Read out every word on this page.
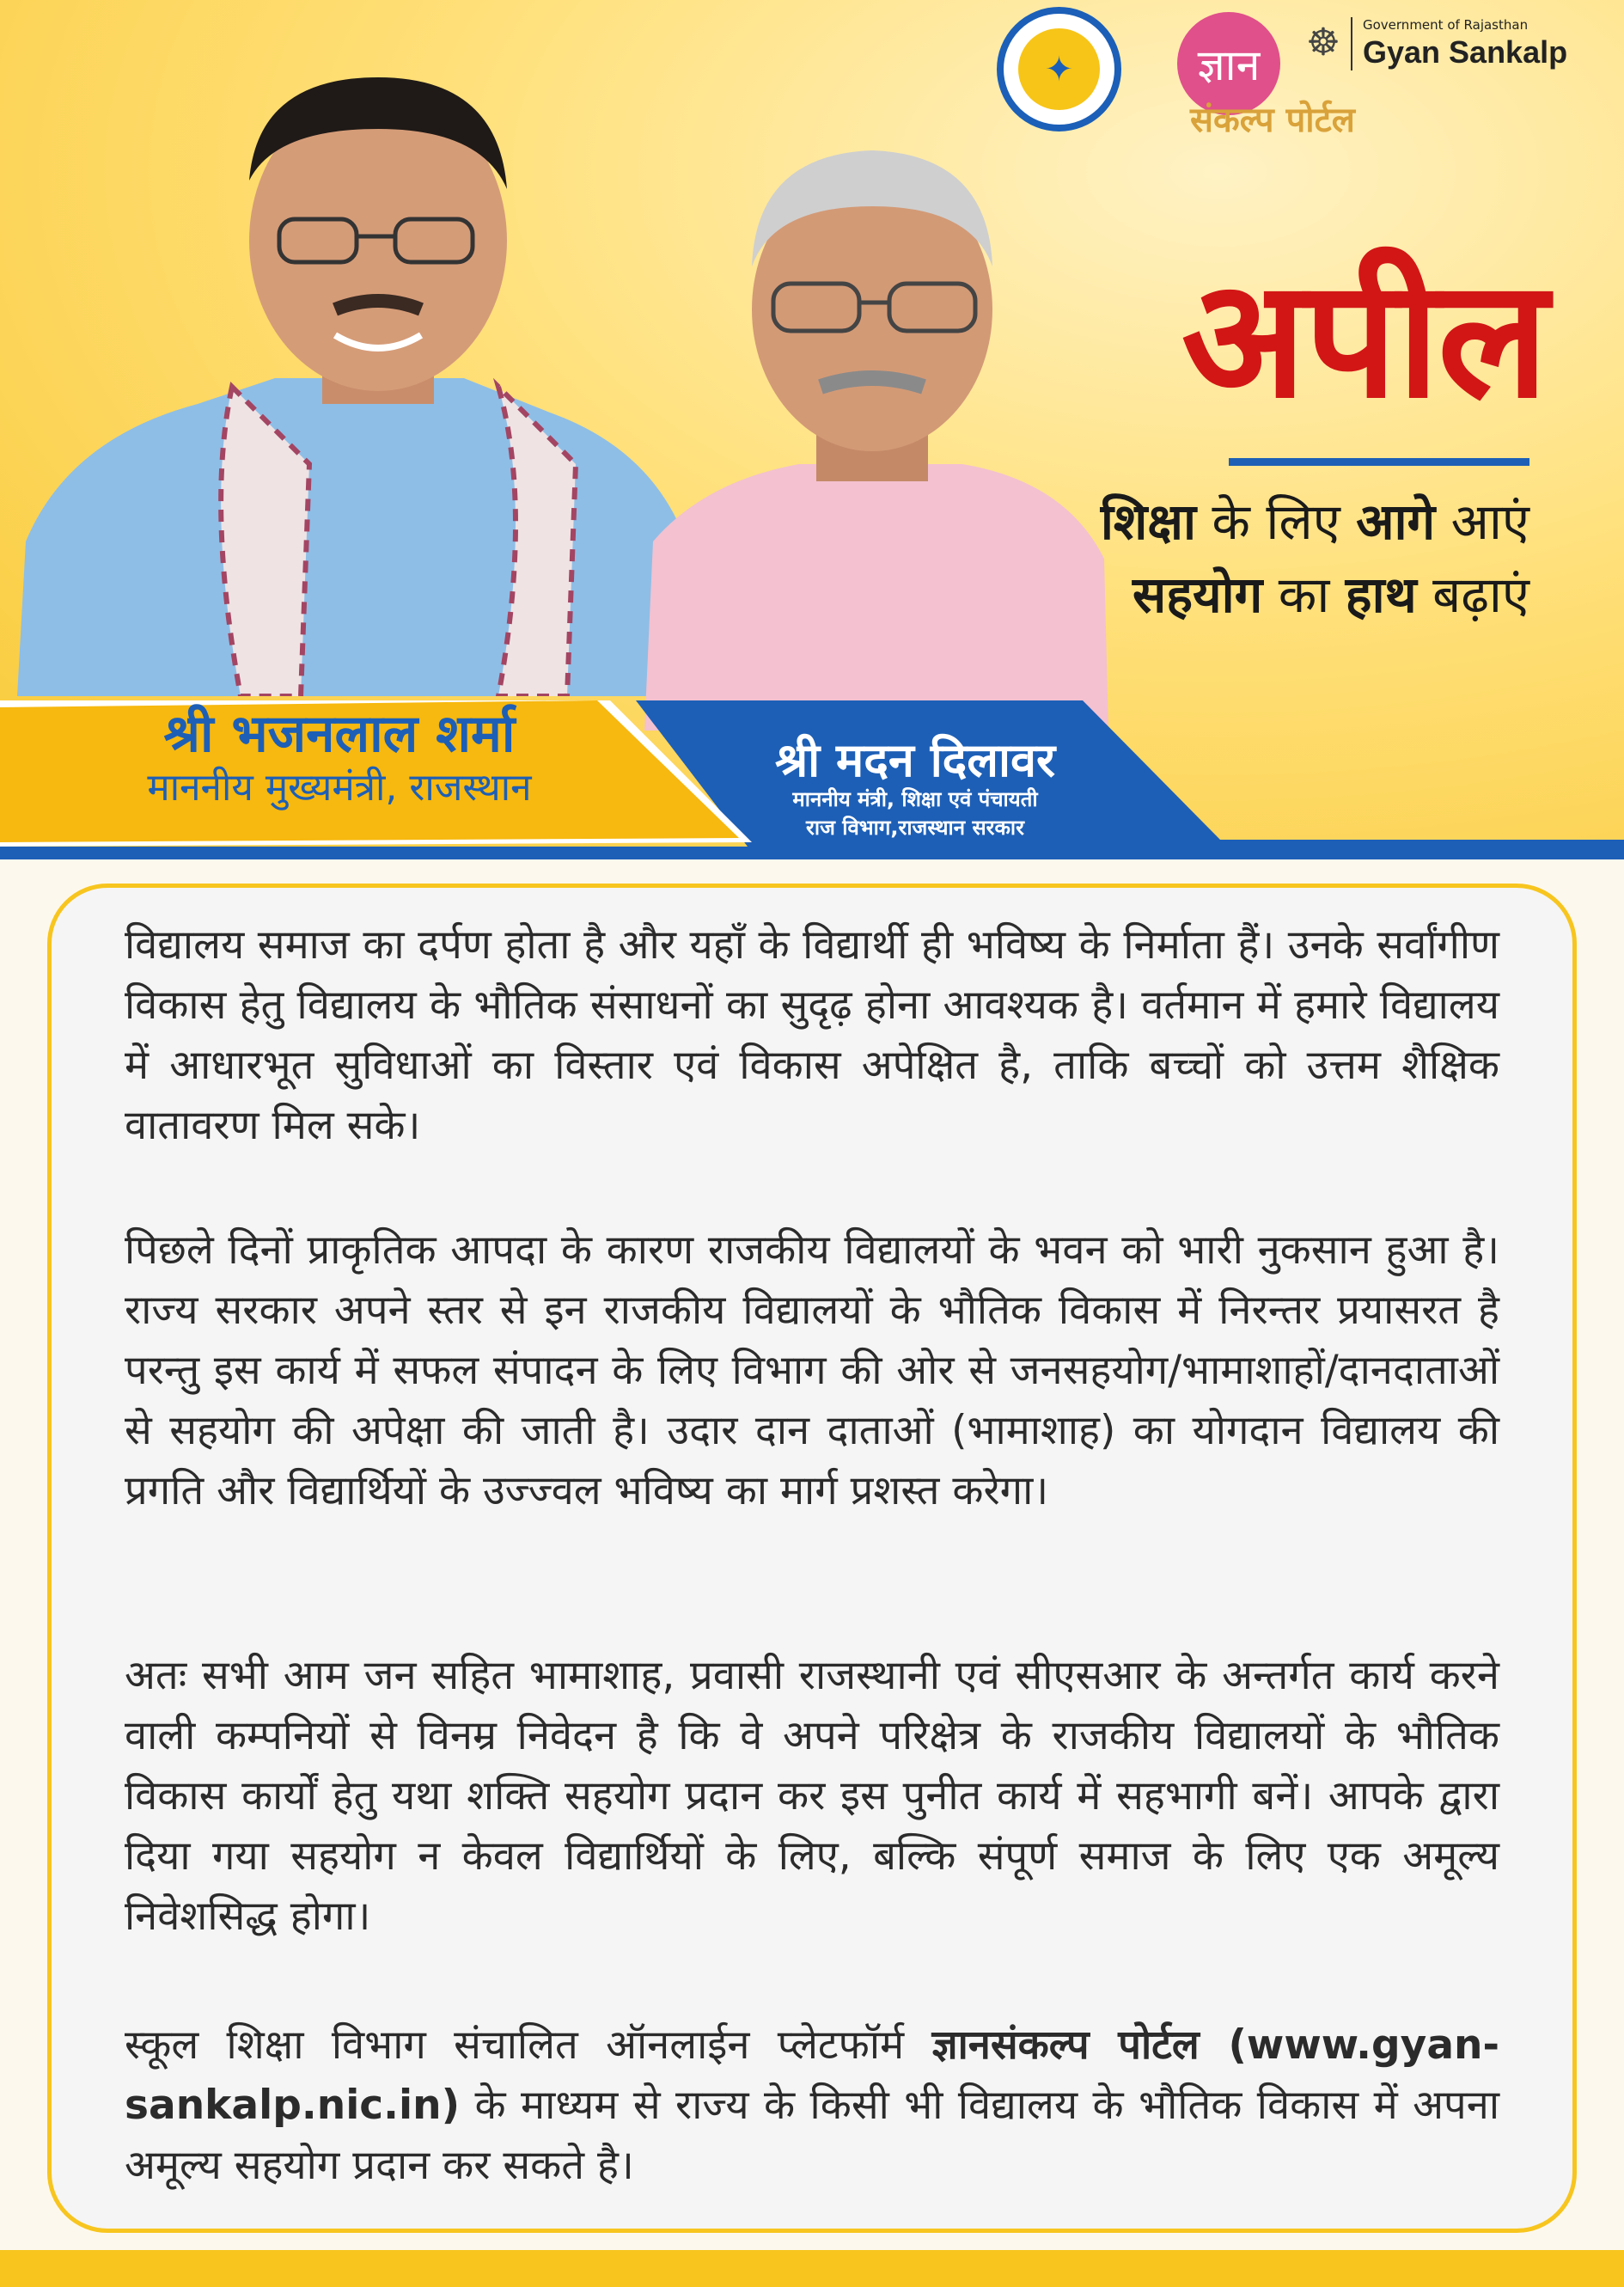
✦	ज्ञान
संकल्प पोर्टल
☸ Government of Rajasthan
Gyan Sankalp
अपील
शिक्षा के लिए आगे आएं
सहयोग का हाथ बढ़ाएं
श्री भजनलाल शर्मा
माननीय मुख्यमंत्री, राजस्थान
श्री मदन दिलावर
माननीय मंत्री, शिक्षा एवं पंचायती
राज विभाग,राजस्थान सरकार

विद्यालय समाज का दर्पण होता है और यहाँ के विद्यार्थी ही भविष्य के निर्माता हैं। उनके सर्वांगीण विकास हेतु विद्यालय के भौतिक संसाधनों का सुदृढ़ होना आवश्यक है। वर्तमान में हमारे विद्यालय में आधारभूत सुविधाओं का विस्तार एवं विकास अपेक्षित है, ताकि बच्चों को उत्तम शैक्षिक वातावरण मिल सके।

पिछले दिनों प्राकृतिक आपदा के कारण राजकीय विद्यालयों के भवन को भारी नुकसान हुआ है। राज्य सरकार अपने स्तर से इन राजकीय विद्यालयों के भौतिक विकास में निरन्तर प्रयासरत है परन्तु इस कार्य में सफल संपादन के लिए विभाग की ओर से जनसहयोग/भामाशाहों/दानदाताओं से सहयोग की अपेक्षा की जाती है। उदार दान दाताओं (भामाशाह) का योगदान विद्यालय की प्रगति और विद्यार्थियों के उज्ज्वल भविष्य का मार्ग प्रशस्त करेगा।

अतः सभी आम जन सहित भामाशाह, प्रवासी राजस्थानी एवं सीएसआर के अन्तर्गत कार्य करने वाली कम्पनियों से विनम्र निवेदन है कि वे अपने परिक्षेत्र के राजकीय विद्यालयों के भौतिक विकास कार्यों हेतु यथा शक्ति सहयोग प्रदान कर इस पुनीत कार्य में सहभागी बनें। आपके द्वारा दिया गया सहयोग न केवल विद्यार्थियों के लिए, बल्कि संपूर्ण समाज के लिए एक अमूल्य निवेशसिद्ध होगा।

स्कूल शिक्षा विभाग संचालित ऑनलाईन प्लेटफॉर्म ज्ञानसंकल्प पोर्टल (www.gyan-sankalp.nic.in) के माध्यम से राज्य के किसी भी विद्यालय के भौतिक विकास में अपना अमूल्य सहयोग प्रदान कर सकते है।
